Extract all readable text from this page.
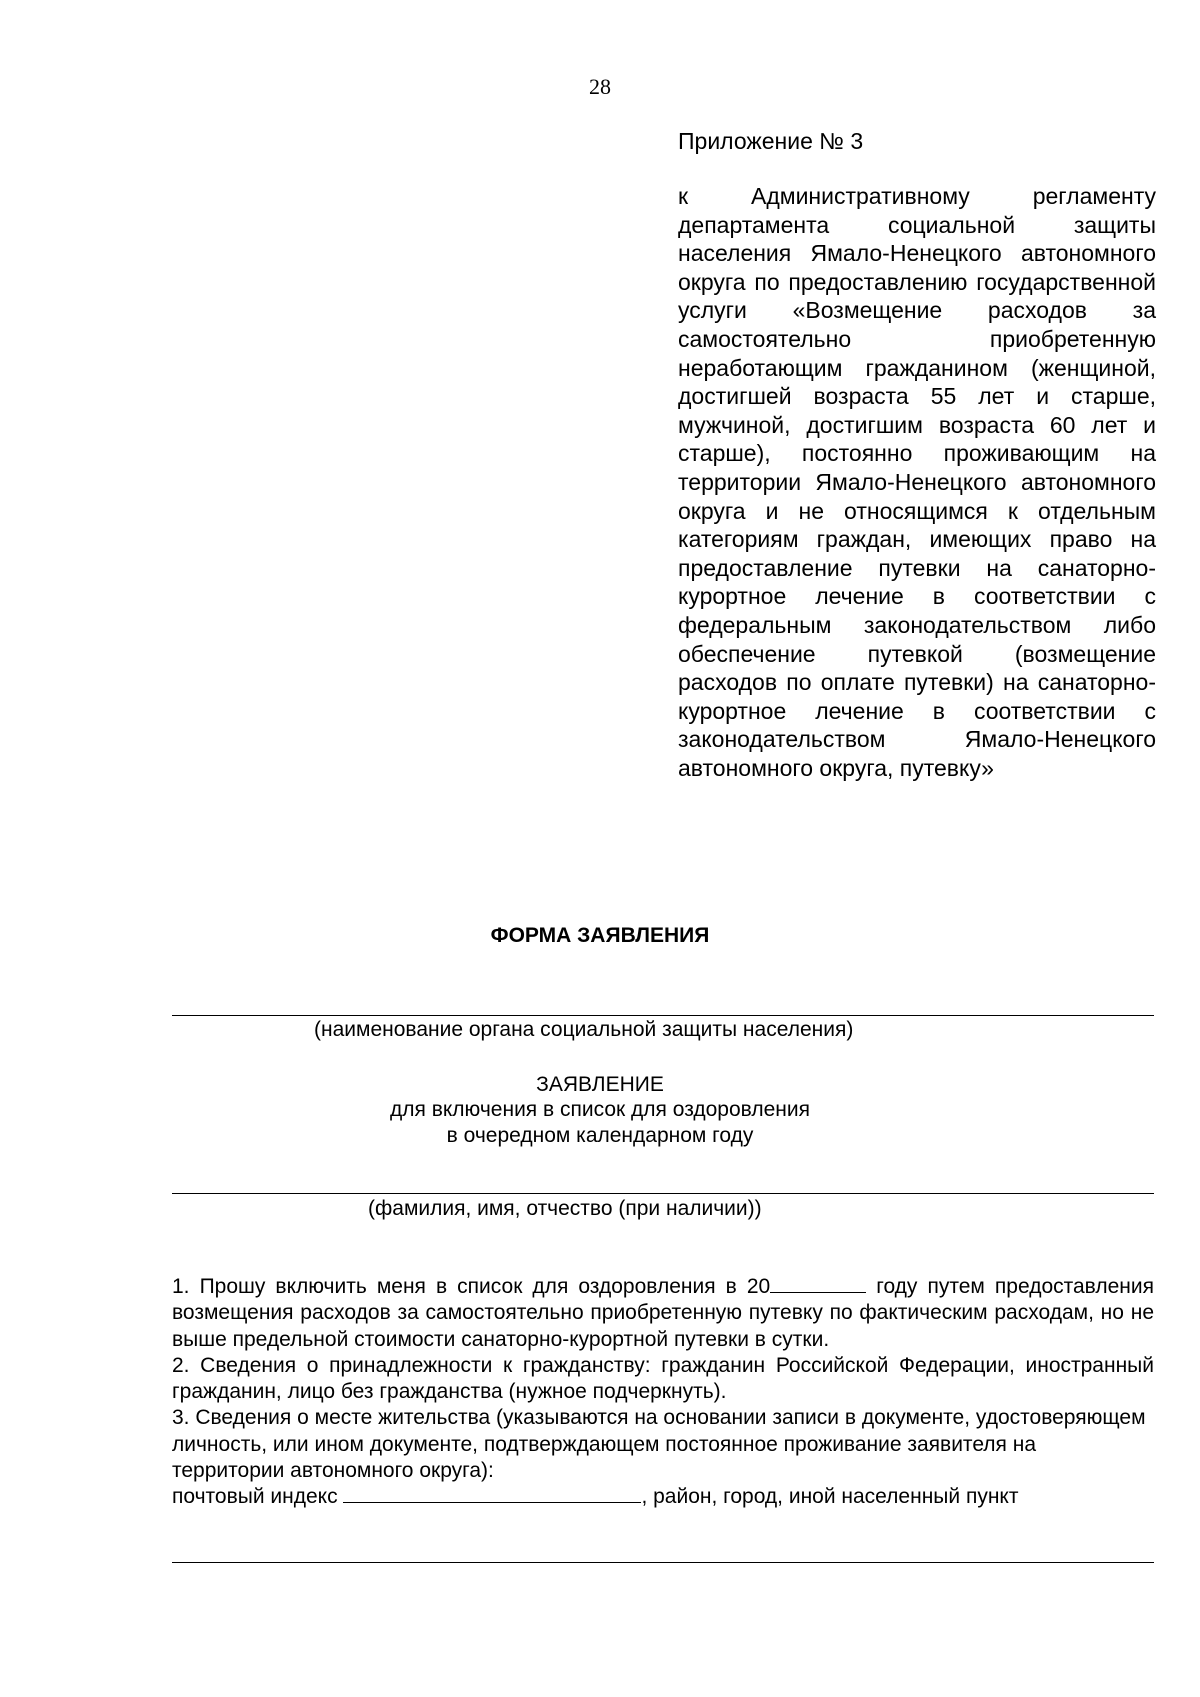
28
Приложение № 3
к Административному регламенту департамента социальной защиты населения Ямало-Ненецкого автономного округа по предоставлению государственной услуги «Возмещение расходов за самостоятельно приобретенную неработающим гражданином (женщиной, достигшей возраста 55 лет и старше, мужчиной, достигшим возраста 60 лет и старше), постоянно проживающим на территории Ямало-Ненецкого автономного округа и не относящимся к отдельным категориям граждан, имеющих право на предоставление путевки на санаторно-курортное лечение в соответствии с федеральным законодательством либо обеспечение путевкой (возмещение расходов по оплате путевки) на санаторно-курортное лечение в соответствии с законодательством Ямало-Ненецкого автономного округа, путевку»
ФОРМА ЗАЯВЛЕНИЯ
(наименование органа социальной защиты населения)
ЗАЯВЛЕНИЕ
для включения в список для оздоровления
в очередном календарном году
(фамилия, имя, отчество (при наличии))

1. Прошу включить меня в список для оздоровления в 20	году путем предоставления возмещения расходов за самостоятельно приобретенную путевку по фактическим расходам, но не выше предельной стоимости санаторно-курортной путевки в сутки.

2. Сведения о принадлежности к гражданству: гражданин Российской Федерации, иностранный гражданин, лицо без гражданства (нужное подчеркнуть).

3. Сведения о месте жительства (указываются на основании записи в документе, удостоверяющем личность, или ином документе, подтверждающем постоянное проживание заявителя на территории автономного округа):

почтовый индекс	, район, город, иной населенный пункт
